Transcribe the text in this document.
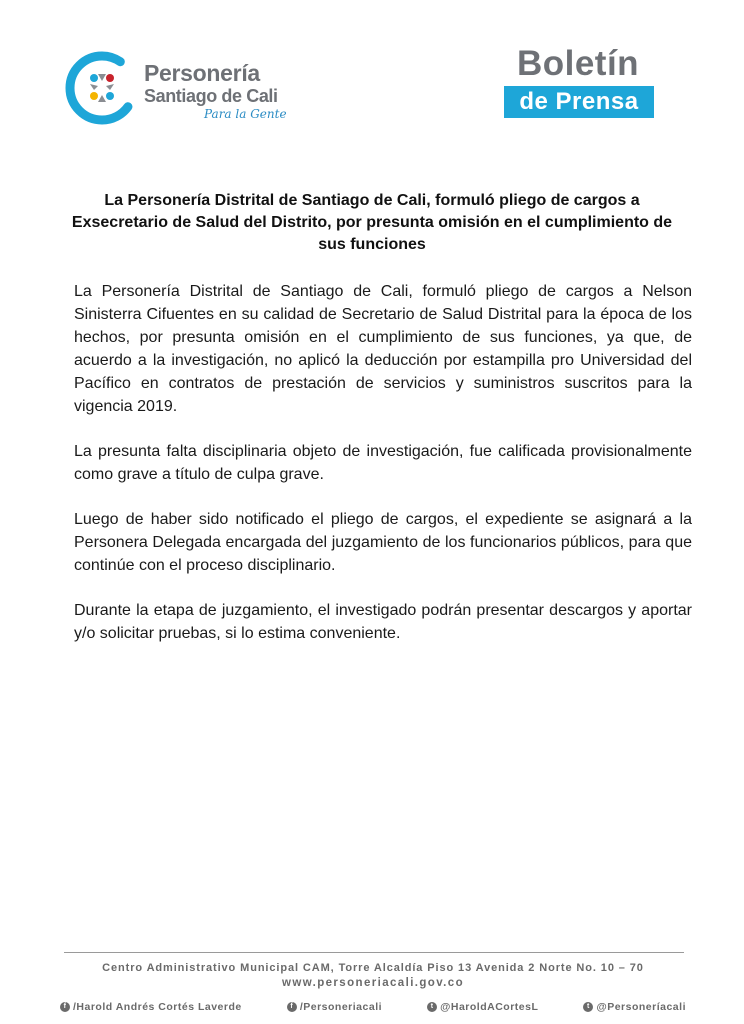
Personería
Santiago de Cali
Para la Gente
Boletín
de Prensa
La Personería Distrital de Santiago de Cali, formuló pliego de cargos a Exsecretario de Salud del Distrito, por presunta omisión en el cumplimiento de sus funciones

La Personería Distrital de Santiago de Cali, formuló pliego de cargos a Nelson Sinisterra Cifuentes en su calidad de Secretario de Salud Distrital para la época de los hechos, por presunta omisión en el cumplimiento de sus funciones, ya que, de acuerdo a la investigación, no aplicó la deducción por estampilla pro Universidad del Pacífico en contratos de prestación de servicios y suministros suscritos para la vigencia 2019.

La presunta falta disciplinaria objeto de investigación, fue calificada provisionalmente como grave a título de culpa grave.

Luego de haber sido notificado el pliego de cargos, el expediente se asignará a la Personera Delegada encargada del juzgamiento de los funcionarios públicos, para que continúe con el proceso disciplinario.

Durante la etapa de juzgamiento, el investigado podrán presentar descargos y aportar y/o solicitar pruebas, si lo estima conveniente.

Centro Administrativo Municipal CAM, Torre Alcaldía Piso 13 Avenida 2 Norte No. 10 – 70
www.personeriacali.gov.co
f /Harold Andrés Cortés Laverde	f /Personeriacali	t @HaroldACortesL	t @Personeríacali
